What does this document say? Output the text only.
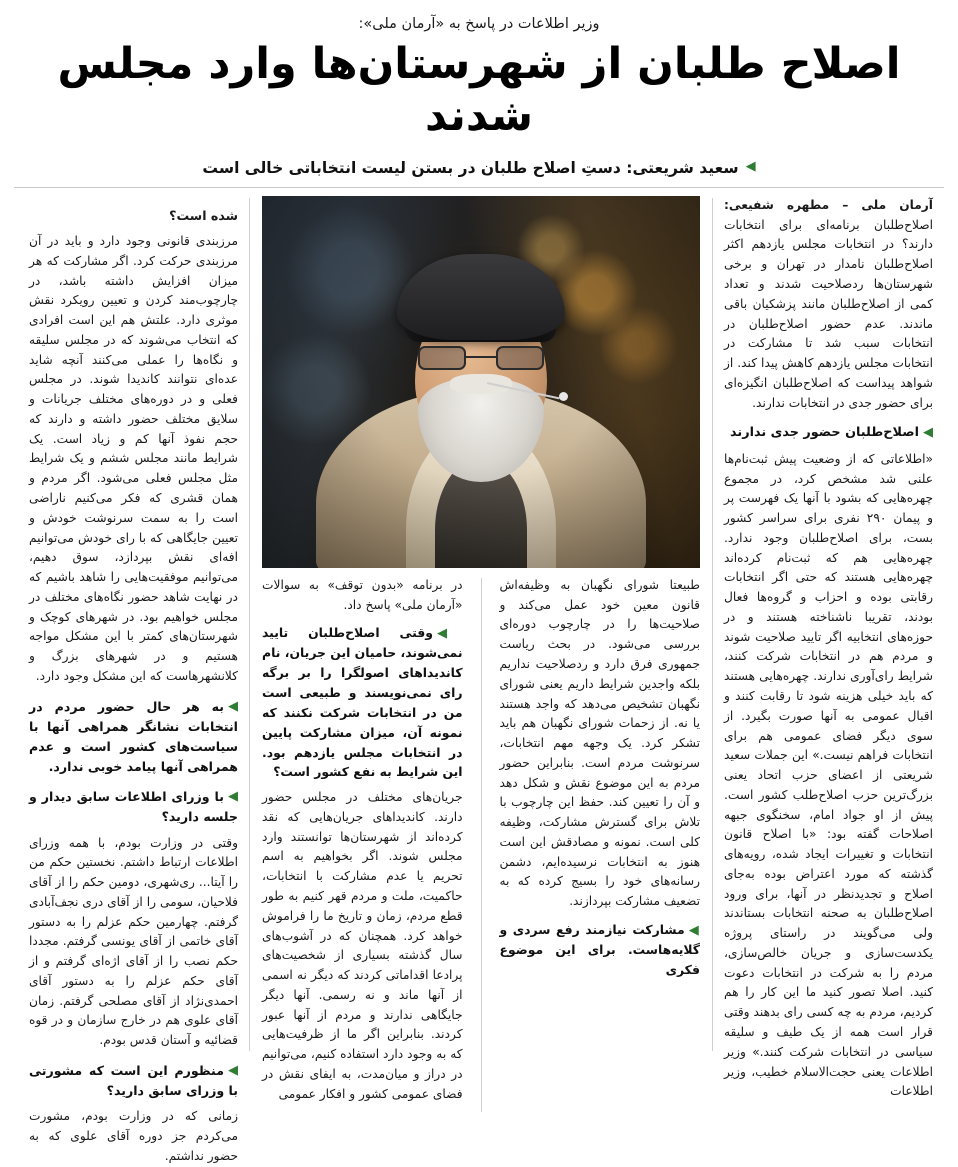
وزیر اطلاعات در پاسخ به «آرمان ملی»:
اصلاح طلبان از شهرستان‌ها وارد مجلس شدند
◀
سعید شریعتی: دستِ اصلاح طلبان در بستن لیست انتخاباتی خالی است

آرمان ملی – مطهره شفیعی: اصلاح‌طلبان برنامه‌ای برای انتخابات دارند؟ در انتخابات مجلس یازدهم اکثر اصلاح‌طلبان نامدار در تهران و برخی شهرستان‌ها ردصلاحیت شدند و تعداد کمی از اصلاح‌طلبان مانند پزشکیان باقی ماندند. عدم حضور اصلاح‌طلبان در انتخابات سبب شد تا مشارکت در انتخابات مجلس یازدهم کاهش پیدا کند. از شواهد پیداست که اصلاح‌طلبان انگیزه‌ای برای حضور جدی در انتخابات ندارند.

◀اصلاح‌طلبان حضور جدی ندارند

«اطلاعاتی که از وضعیت پیش ثبت‌نام‌ها علنی شد مشخص کرد، در مجموع چهره‌هایی که بشود با آنها یک فهرست پر و پیمان ۲۹۰ نفری برای سراسر کشور بست، برای اصلاح‌طلبان وجود ندارد. چهره‌هایی هم که ثبت‌نام کرده‌اند چهره‌هایی هستند که حتی اگر انتخابات رقابتی بوده و احزاب و گروه‌ها فعال بودند، تقریبا ناشناخته هستند و در حوزه‌های انتخابیه اگر تایید صلاحیت شوند و مردم هم در انتخابات شرکت کنند، شرایط رای‌آوری ندارند. چهره‌هایی هستند که باید خیلی هزینه شود تا رقابت کنند و اقبال عمومی به آنها صورت بگیرد. از سوی دیگر فضای عمومی هم برای انتخابات فراهم نیست.» این جملات سعید شریعتی از اعضای حزب اتحاد یعنی بزرگ‌ترین حزب اصلاح‌طلب کشور است. پیش از او جواد امام، سخنگوی جبهه اصلاحات گفته بود: «با اصلاح قانون انتخابات و تغییرات ایجاد شده، رویه‌های گذشته که مورد اعتراض بوده به‌جای اصلاح و تجدیدنظر در آنها، برای ورود اصلاح‌طلبان به صحنه انتخابات بستاندند ولی می‌گویند در راستای پروژه یکدست‌سازی و جریان خالص‌سازی، مردم را به شرکت در انتخابات دعوت کنید. اصلا تصور کنید ما این کار را هم کردیم، مردم به چه کسی رای بدهند وقتی قرار است همه از یک طیف و سلیقه سیاسی در انتخابات شرکت کنند.» وزیر اطلاعات یعنی حجت‌الاسلام خطیب، وزیر اطلاعات

طبیعتا شورای نگهبان به وظیفه‌اش قانون معین خود عمل می‌کند و صلاحیت‌ها را در چارچوب دوره‌ای بررسی می‌شود. در بحث ریاست جمهوری فرق دارد و ردصلاحیت نداریم بلکه واجدین شرایط داریم یعنی شورای نگهبان تشخیص می‌دهد که واجد هستند یا نه. از زحمات شورای نگهبان هم باید تشکر کرد. یک وجهه مهم انتخابات، سرنوشت مردم است. بنابراین حضور مردم به این موضوع نقش و شکل دهد و آن را تعیین کند. حفظ این چارچوب با تلاش برای گسترش مشارکت، وظیفه کلی است. نمونه و مصادقش این است هنوز به انتخابات نرسیده‌ایم، دشمن رسانه‌های خود را بسیج کرده که به تضعیف مشارکت بپردازند.

◀مشارکت نیازمند رفع سردی و گلایه‌هاست. برای این موضوع فکری

در برنامه «بدون توقف» به سوالات «آرمان ملی» پاسخ داد.

◀وقتی اصلاح‌طلبان تایید نمی‌شوند، حامیان این جریان، نام کاندیداهای اصولگرا را بر برگه رای نمی‌نویسند و طبیعی است من در انتخابات شرکت نکنند که نمونه آن، میزان مشارکت پایین در انتخابات مجلس یازدهم بود. این شرایط به نفع کشور است؟

جریان‌های مختلف در مجلس حضور دارند. کاندیداهای جریان‌هایی که نقد کرده‌اند از شهرستان‌ها توانستند وارد مجلس شوند. اگر بخواهیم به اسم تحریم یا عدم مشارکت با انتخابات، حاکمیت، ملت و مردم قهر کنیم به طور قطع مردم، زمان و تاریخ ما را فراموش خواهد کرد. همچنان که در آشوب‌های سال گذشته بسیاری از شخصیت‌های پرادعا اقداماتی کردند که دیگر نه اسمی از آنها ماند و نه رسمی. آنها دیگر جایگاهی ندارند و مردم از آنها عبور کردند. بنابراین اگر ما از ظرفیت‌هایی که به وجود دارد استفاده کنیم، می‌توانیم در دراز و میان‌مدت، به ایفای نقش در فضای عمومی کشور و افکار عمومی

شده است؟

مرزبندی قانونی وجود دارد و باید در آن مرزبندی حرکت کرد. اگر مشارکت که هر میزان افزایش داشته باشد، در چارچوب‌مند کردن و تعیین رویکرد نقش موثری دارد. علتش هم این است افرادی که انتخاب می‌شوند که در مجلس سلیقه و نگاه‌ها را عملی می‌کنند آنچه شاید عده‌ای نتوانند کاندیدا شوند. در مجلس فعلی و در دوره‌های مختلف جریانات و سلایق مختلف حضور داشته و دارند که حجم نفوذ آنها کم و زیاد است. یک شرایط مانند مجلس ششم و یک شرایط مثل مجلس فعلی می‌شود. اگر مردم و همان قشری که فکر می‌کنیم ناراضی است را به سمت سرنوشت خودش و تعیین جایگاهی که با رای خودش می‌توانیم افه‌ای نقش بپردازد، سوق دهیم، می‌توانیم موفقیت‌هایی را شاهد باشیم که در نهایت شاهد حضور نگاه‌های مختلف در مجلس خواهیم بود. در شهرهای کوچک و شهرستان‌های کمتر با این مشکل مواجه هستیم و در شهرهای بزرگ و کلانشهرهاست که این مشکل وجود دارد.

◀به هر حال حضور مردم در انتخابات نشانگر همراهی آنها با سیاست‌های کشور است و عدم همراهی آنها پیامد خوبی ندارد.
◀با وزرای اطلاعات سابق دیدار و جلسه دارید؟

وقتی در وزارت بودم، با همه وزرای اطلاعات ارتباط داشتم. نخستین حکم من را آیتا... ری‌شهری، دومین حکم را از آقای فلاحیان، سومی را از آقای دری نجف‌آبادی گرفتم. چهارمین حکم عزلم را به دستور آقای خاتمی از آقای یونسی گرفتم. مجددا حکم نصب را از آقای اژه‌ای گرفتم و از آقای حکم عزلم را به دستور آقای احمدی‌نژاد از آقای مصلحی گرفتم. زمان آقای علوی هم در خارج سازمان و در قوه قضائیه و آستان قدس بودم.

◀منظورم این است که مشورتی با وزرای سابق دارید؟

زمانی که در وزارت بودم، مشورت می‌کردم جز دوره آقای علوی که به حضور نداشتم.
